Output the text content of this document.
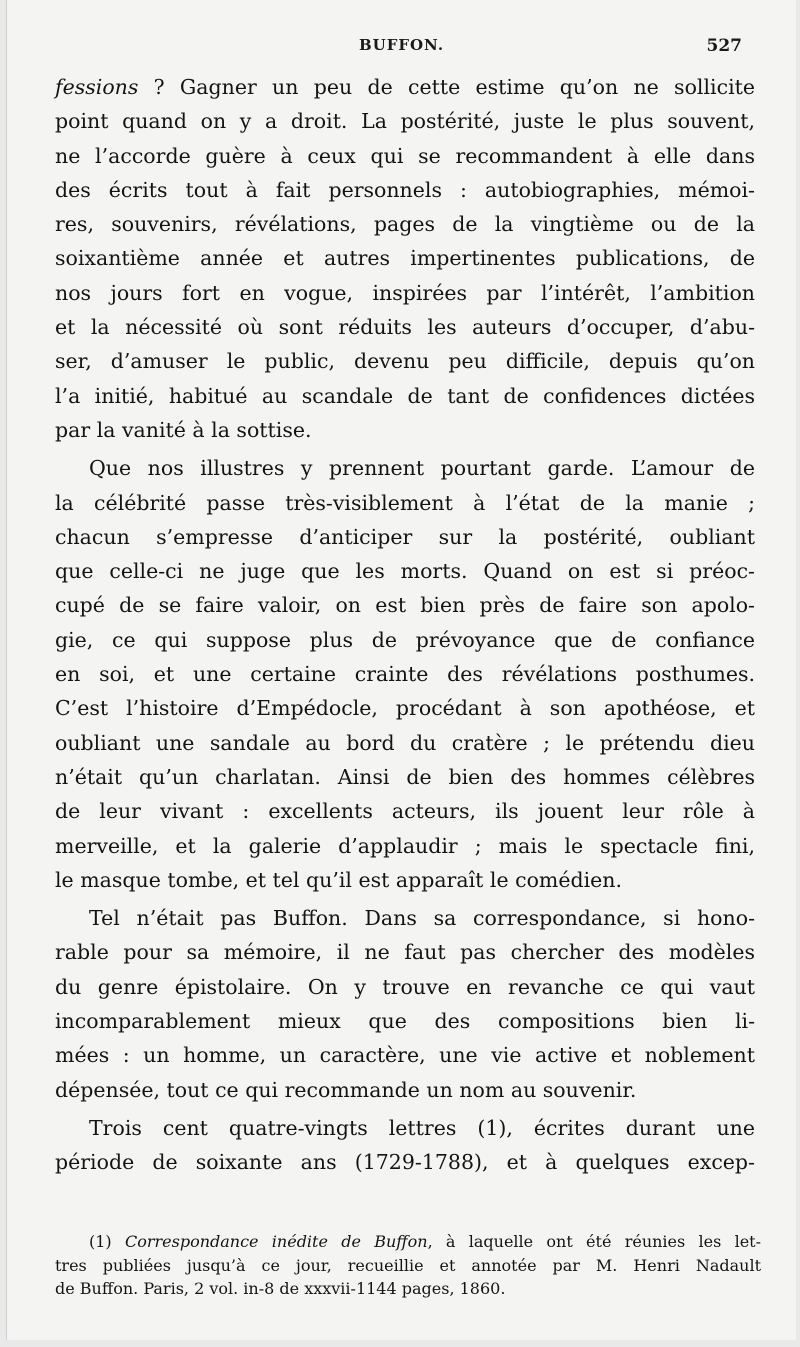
BUFFON.	527
fessions ? Gagner un peu de cette estime qu’on ne sollicite
point quand on y a droit. La postérité, juste le plus souvent,
ne l’accorde guère à ceux qui se recommandent à elle dans
des écrits tout à fait personnels : autobiographies, mémoi-
res, souvenirs, révélations, pages de la vingtième ou de la
soixantième année et autres impertinentes publications, de
nos jours fort en vogue, inspirées par l’intérêt, l’ambition
et la nécessité où sont réduits les auteurs d’occuper, d’abu-
ser, d’amuser le public, devenu peu difficile, depuis qu’on
l’a initié, habitué au scandale de tant de confidences dictées
par la vanité à la sottise.
Que nos illustres y prennent pourtant garde. L’amour de
la célébrité passe très-visiblement à l’état de la manie ;
chacun s’empresse d’anticiper sur la postérité, oubliant
que celle-ci ne juge que les morts. Quand on est si préoc-
cupé de se faire valoir, on est bien près de faire son apolo-
gie, ce qui suppose plus de prévoyance que de confiance
en soi, et une certaine crainte des révélations posthumes.
C’est l’histoire d’Empédocle, procédant à son apothéose, et
oubliant une sandale au bord du cratère ; le prétendu dieu
n’était qu’un charlatan. Ainsi de bien des hommes célèbres
de leur vivant : excellents acteurs, ils jouent leur rôle à
merveille, et la galerie d’applaudir ; mais le spectacle fini,
le masque tombe, et tel qu’il est apparaît le comédien.
Tel n’était pas Buffon. Dans sa correspondance, si hono-
rable pour sa mémoire, il ne faut pas chercher des modèles
du genre épistolaire. On y trouve en revanche ce qui vaut
incomparablement mieux que des compositions bien li-
mées : un homme, un caractère, une vie active et noblement
dépensée, tout ce qui recommande un nom au souvenir.
Trois cent quatre-vingts lettres (1), écrites durant une
période de soixante ans (1729-1788), et à quelques excep-
(1) Correspondance inédite de Buffon, à laquelle ont été réunies les let-
tres publiées jusqu’à ce jour, recueillie et annotée par M. Henri Nadault
de Buffon. Paris, 2 vol. in-8 de xxxvii-1144 pages, 1860.
